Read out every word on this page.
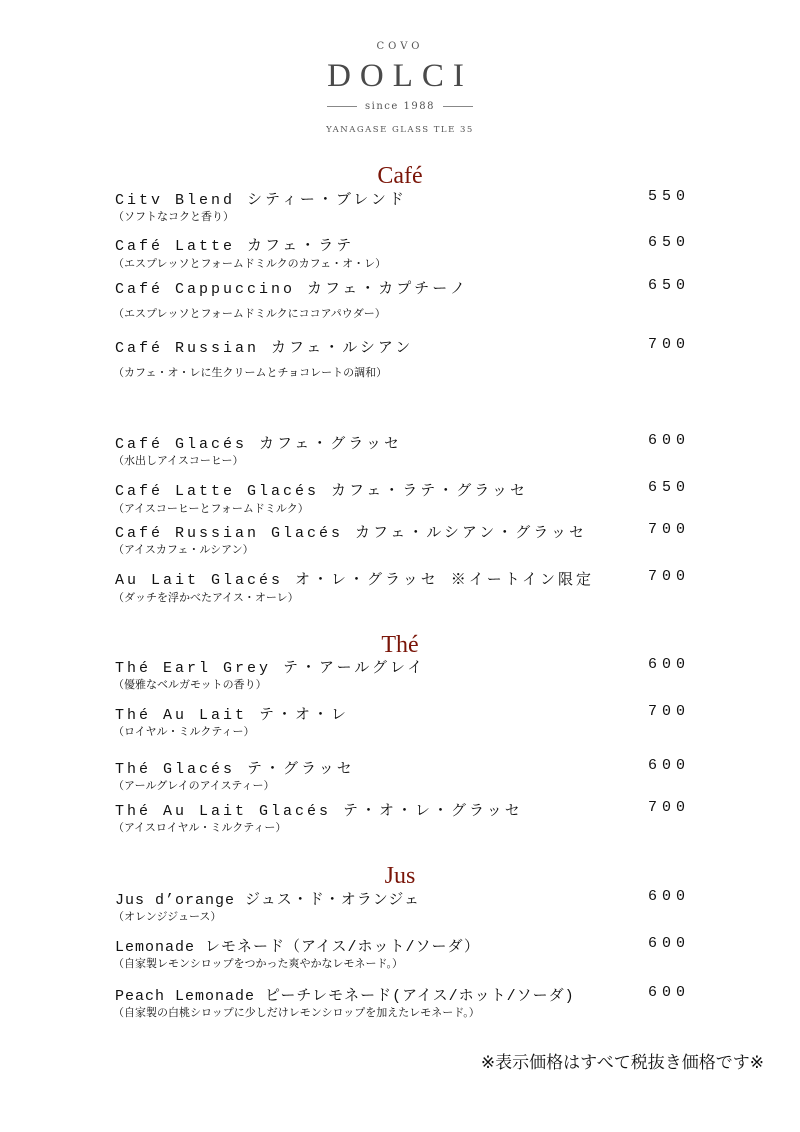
COVO
DOLCI
since 1988
YANAGASE GLASS TLE 35
Café
Citv Blend シティー・ブレンド	550
（ソフトなコクと香り）
Café Latte カフェ・ラテ	650
（エスプレッソとフォームドミルクのカフェ・オ・レ）
Café Cappuccino カフェ・カプチーノ	650
（エスプレッソとフォームドミルクにココアパウダー）
Café Russian カフェ・ルシアン	700
（カフェ・オ・レに生クリームとチョコレートの調和）
Café Glacés カフェ・グラッセ	600
（水出しアイスコーヒー）
Café Latte Glacés カフェ・ラテ・グラッセ	650
（アイスコーヒーとフォームドミルク）
Café Russian Glacés カフェ・ルシアン・グラッセ	700
（アイスカフェ・ルシアン）
Au Lait Glacés オ・レ・グラッセ ※イートイン限定	700
（ダッチを浮かべたアイス・オーレ）
Thé
Thé Earl Grey テ・アールグレイ	600
（優雅なベルガモットの香り）
Thé Au Lait テ・オ・レ	700
（ロイヤル・ミルクティー）
Thé Glacés テ・グラッセ	600
（アールグレイのアイスティー）
Thé Au Lait Glacés テ・オ・レ・グラッセ	700
（アイスロイヤル・ミルクティー）
Jus
Jus d’orange ジュス・ド・オランジェ	600
（オレンジジュース）
Lemonade レモネード（アイス/ホット/ソーダ）	600
（自家製レモンシロップをつかった爽やかなレモネード。）
Peach Lemonade ピーチレモネード(アイス/ホット/ソーダ)	600
（自家製の白桃シロップに少しだけレモンシロップを加えたレモネード。）
※表示価格はすべて税抜き価格です※
